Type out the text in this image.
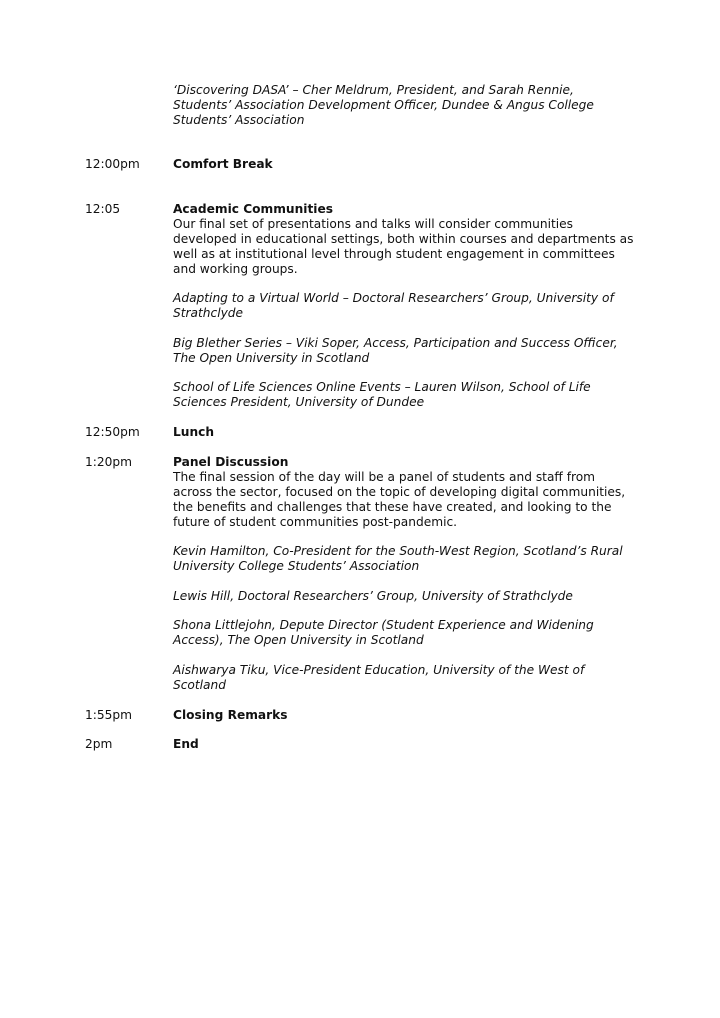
‘Discovering DASA’ – Cher Meldrum, President, and Sarah Rennie,
Students’ Association Development Officer, Dundee & Angus College
Students’ Association
12:00pm	Comfort Break
12:05	Academic Communities
Our final set of presentations and talks will consider communities
developed in educational settings, both within courses and departments as
well as at institutional level through student engagement in committees
and working groups.
Adapting to a Virtual World – Doctoral Researchers’ Group, University of
Strathclyde
Big Blether Series – Viki Soper, Access, Participation and Success Officer,
The Open University in Scotland
School of Life Sciences Online Events – Lauren Wilson, School of Life
Sciences President, University of Dundee
12:50pm	Lunch
1:20pm	Panel Discussion
The final session of the day will be a panel of students and staff from
across the sector, focused on the topic of developing digital communities,
the benefits and challenges that these have created, and looking to the
future of student communities post-pandemic.
Kevin Hamilton, Co-President for the South-West Region, Scotland’s Rural
University College Students’ Association
Lewis Hill, Doctoral Researchers’ Group, University of Strathclyde
Shona Littlejohn, Depute Director (Student Experience and Widening
Access), The Open University in Scotland
Aishwarya Tiku, Vice-President Education, University of the West of
Scotland
1:55pm	Closing Remarks
2pm	End
